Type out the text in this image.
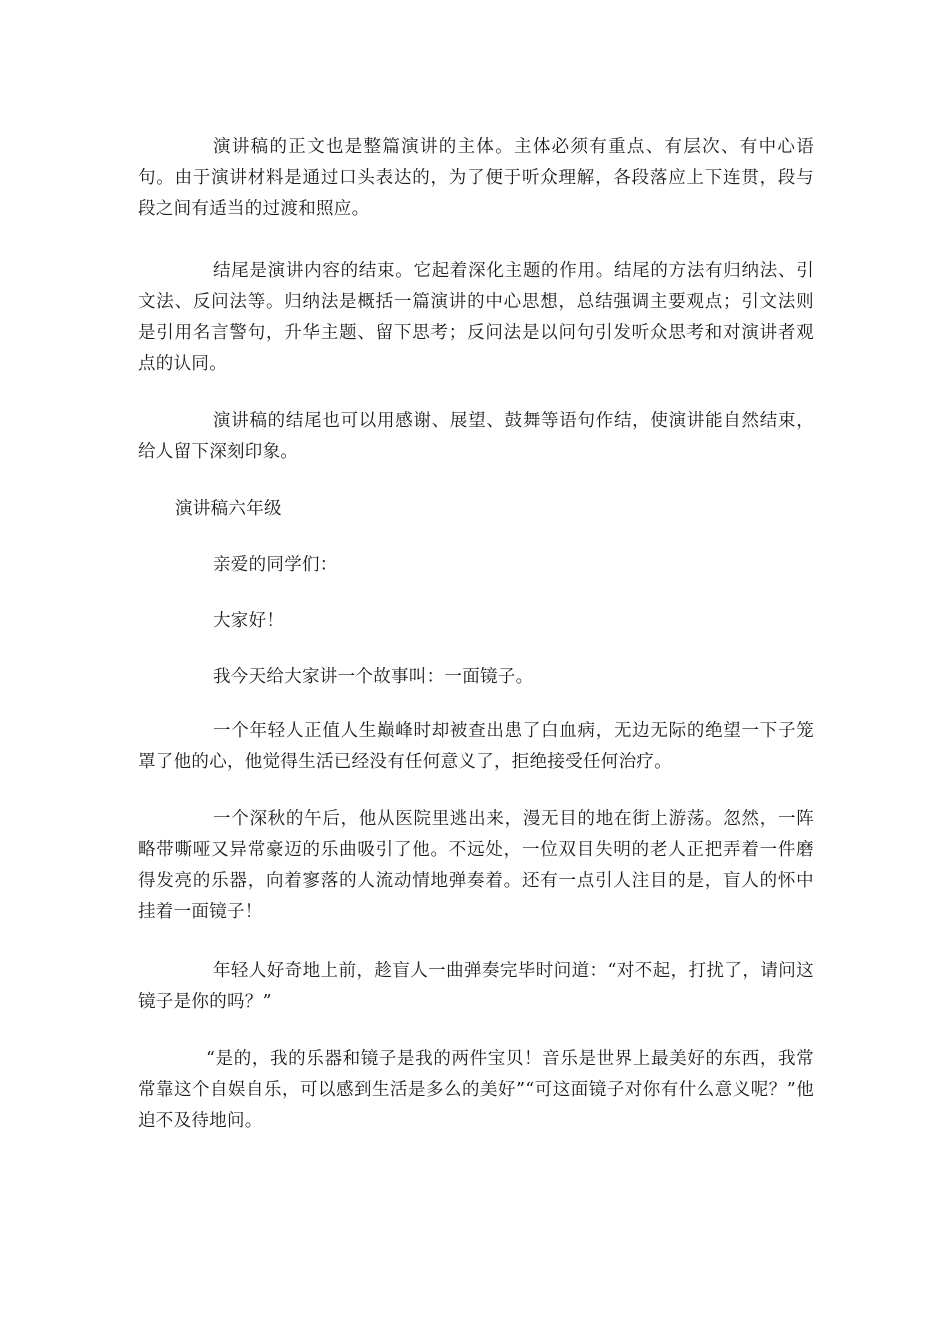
演讲稿的正文也是整篇演讲的主体。主体必须有重点、有层次、有中心语句。由于演讲材料是通过口头表达的，为了便于听众理解，各段落应上下连贯，段与段之间有适当的过渡和照应。

结尾是演讲内容的结束。它起着深化主题的作用。结尾的方法有归纳法、引文法、反问法等。归纳法是概括一篇演讲的中心思想，总结强调主要观点；引文法则是引用名言警句，升华主题、留下思考；反问法是以问句引发听众思考和对演讲者观点的认同。

演讲稿的结尾也可以用感谢、展望、鼓舞等语句作结，使演讲能自然结束，给人留下深刻印象。

演讲稿六年级

亲爱的同学们：

大家好！

我今天给大家讲一个故事叫：一面镜子。

一个年轻人正值人生巅峰时却被查出患了白血病，无边无际的绝望一下子笼罩了他的心，他觉得生活已经没有任何意义了，拒绝接受任何治疗。

一个深秋的午后，他从医院里逃出来，漫无目的地在街上游荡。忽然，一阵略带嘶哑又异常豪迈的乐曲吸引了他。不远处，一位双目失明的老人正把弄着一件磨得发亮的乐器，向着寥落的人流动情地弹奏着。还有一点引人注目的是，盲人的怀中挂着一面镜子！

年轻人好奇地上前，趁盲人一曲弹奏完毕时问道：“对不起，打扰了，请问这镜子是你的吗？”

“是的，我的乐器和镜子是我的两件宝贝！音乐是世界上最美好的东西，我常常靠这个自娱自乐，可以感到生活是多么的美好”“可这面镜子对你有什么意义呢？”他迫不及待地问。
